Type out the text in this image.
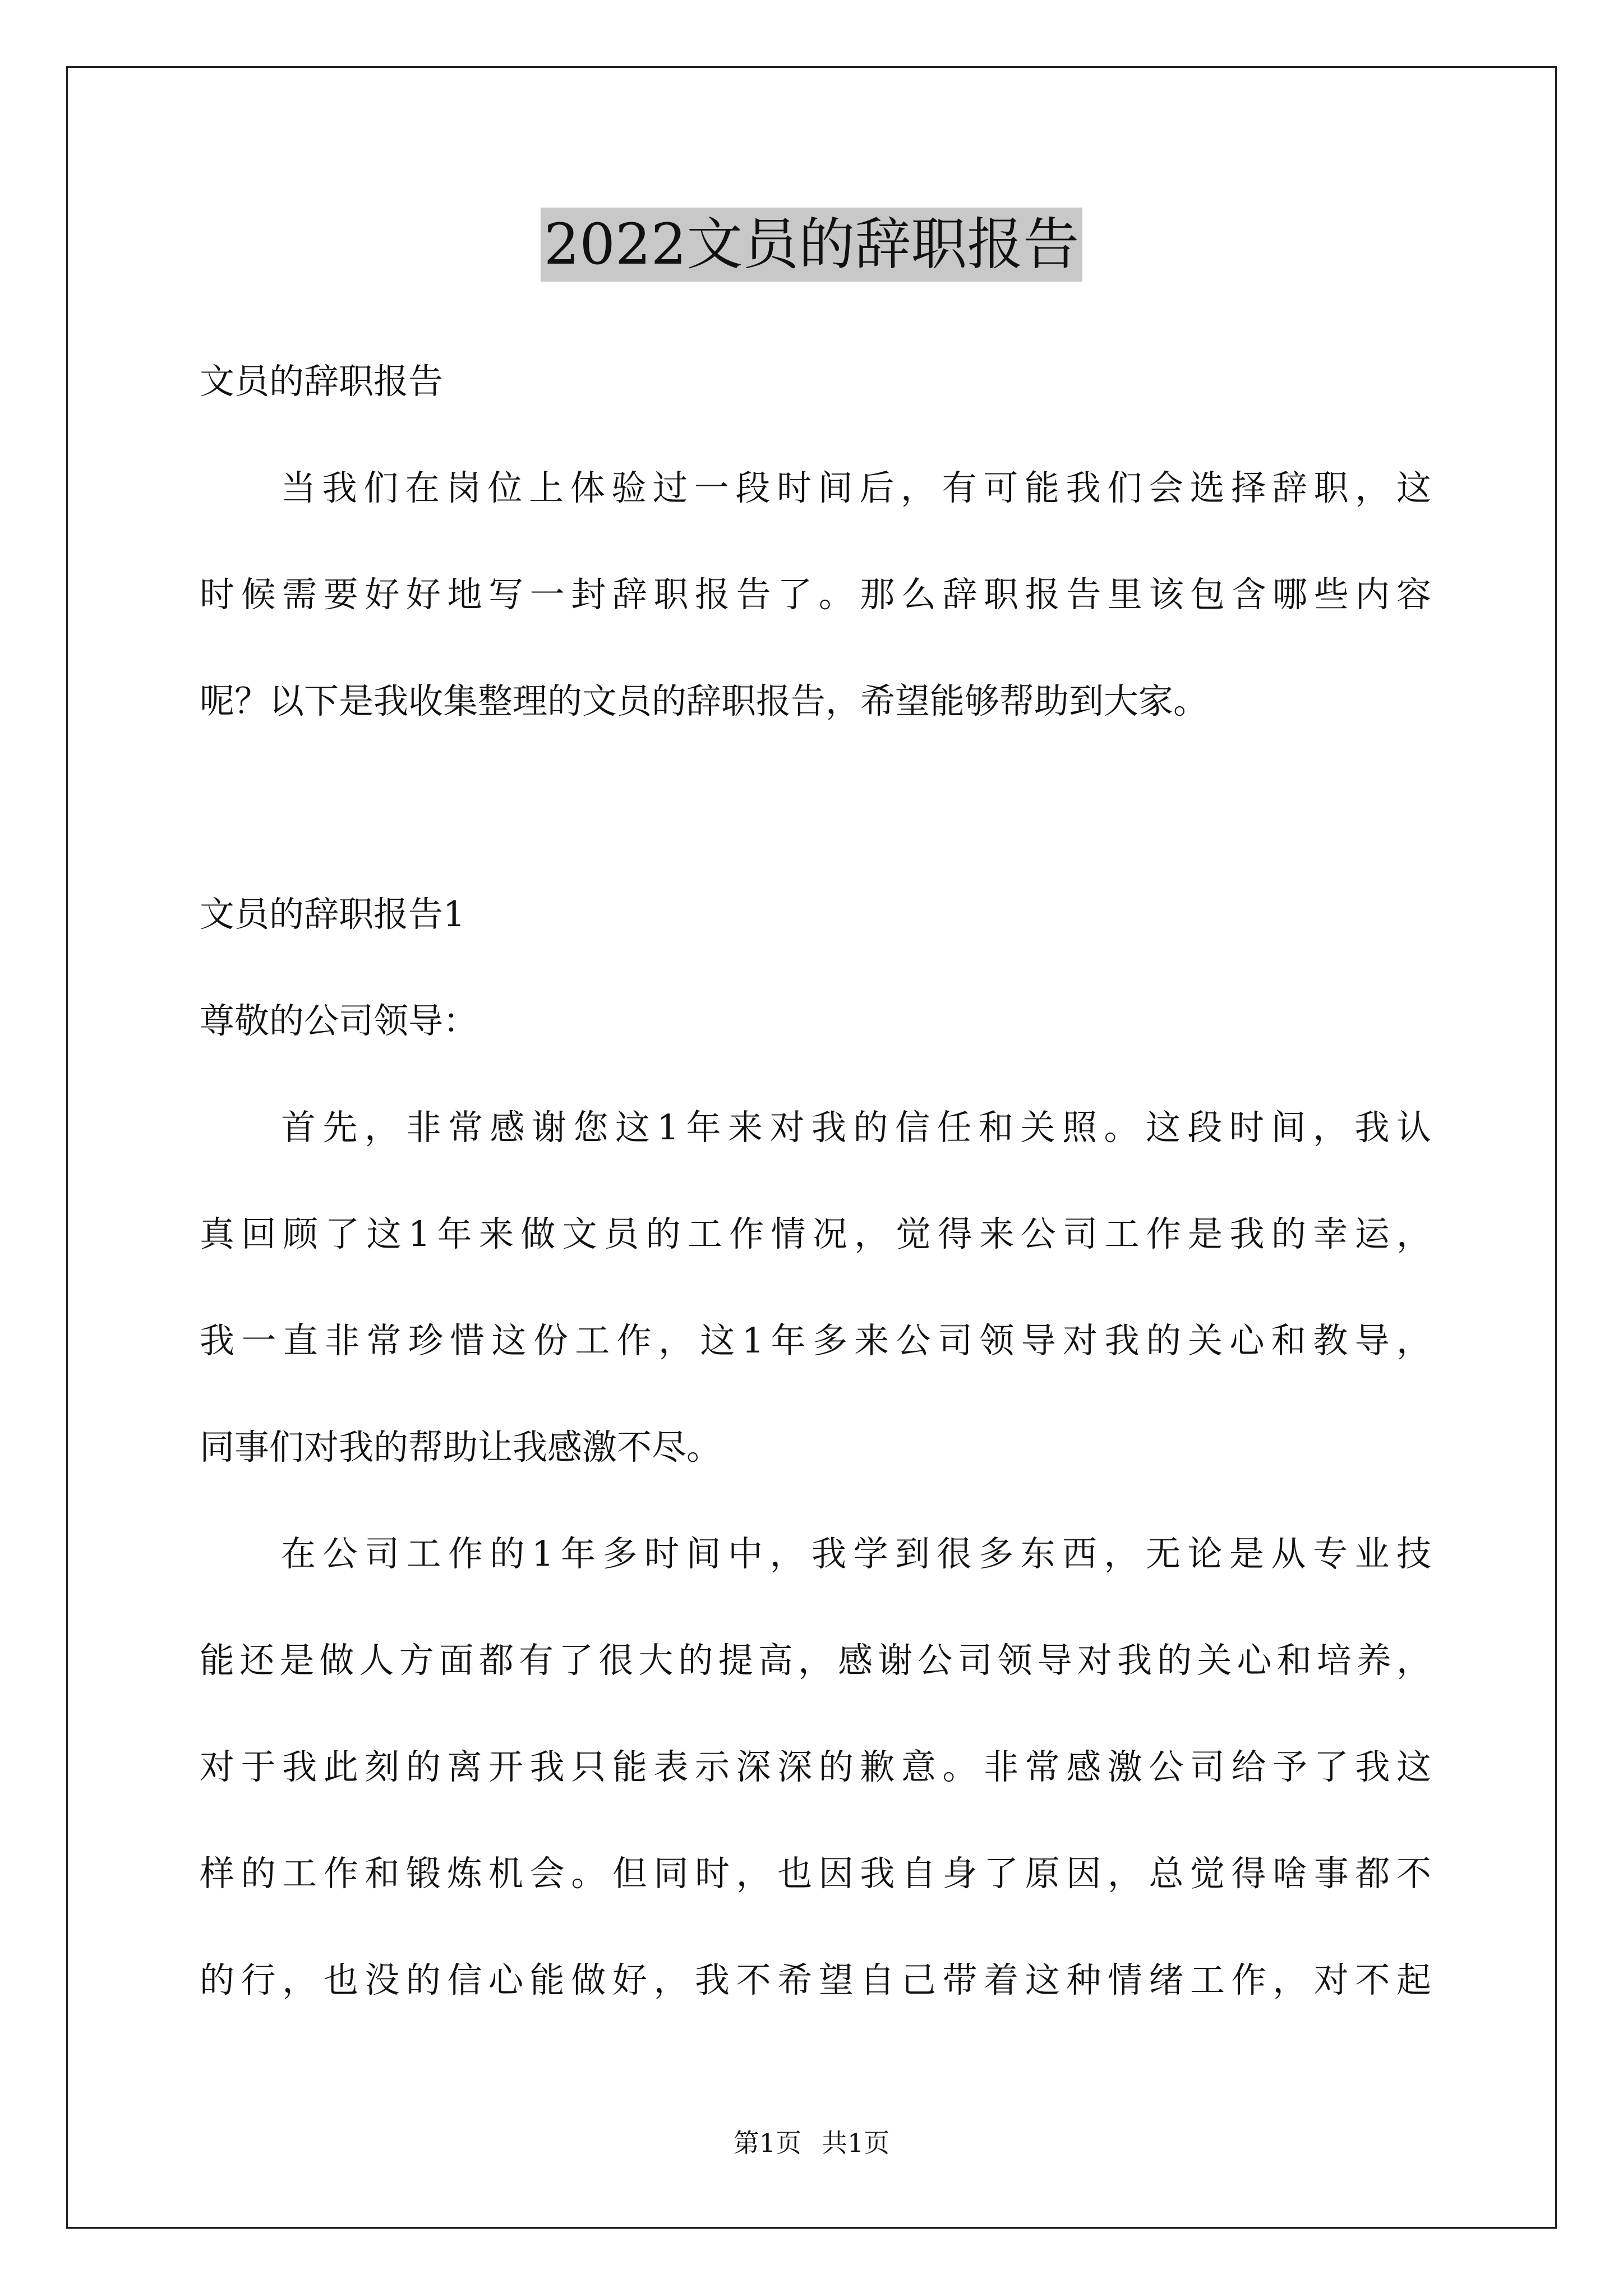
2022文员的辞职报告
文员的辞职报告
当我们在岗位上体验过一段时间后，有可能我们会选择辞职，这
时候需要好好地写一封辞职报告了。那么辞职报告里该包含哪些内容
呢？以下是我收集整理的文员的辞职报告，希望能够帮助到大家。
文员的辞职报告1
尊敬的公司领导：
首先，非常感谢您这1年来对我的信任和关照。这段时间，我认
真回顾了这1年来做文员的工作情况，觉得来公司工作是我的幸运，
我一直非常珍惜这份工作，这1年多来公司领导对我的关心和教导，
同事们对我的帮助让我感激不尽。
在公司工作的1年多时间中，我学到很多东西，无论是从专业技
能还是做人方面都有了很大的提高，感谢公司领导对我的关心和培养，
对于我此刻的离开我只能表示深深的歉意。非常感激公司给予了我这
样的工作和锻炼机会。但同时，也因我自身了原因，总觉得啥事都不
的行，也没的信心能做好，我不希望自己带着这种情绪工作，对不起
第1页 共1页
